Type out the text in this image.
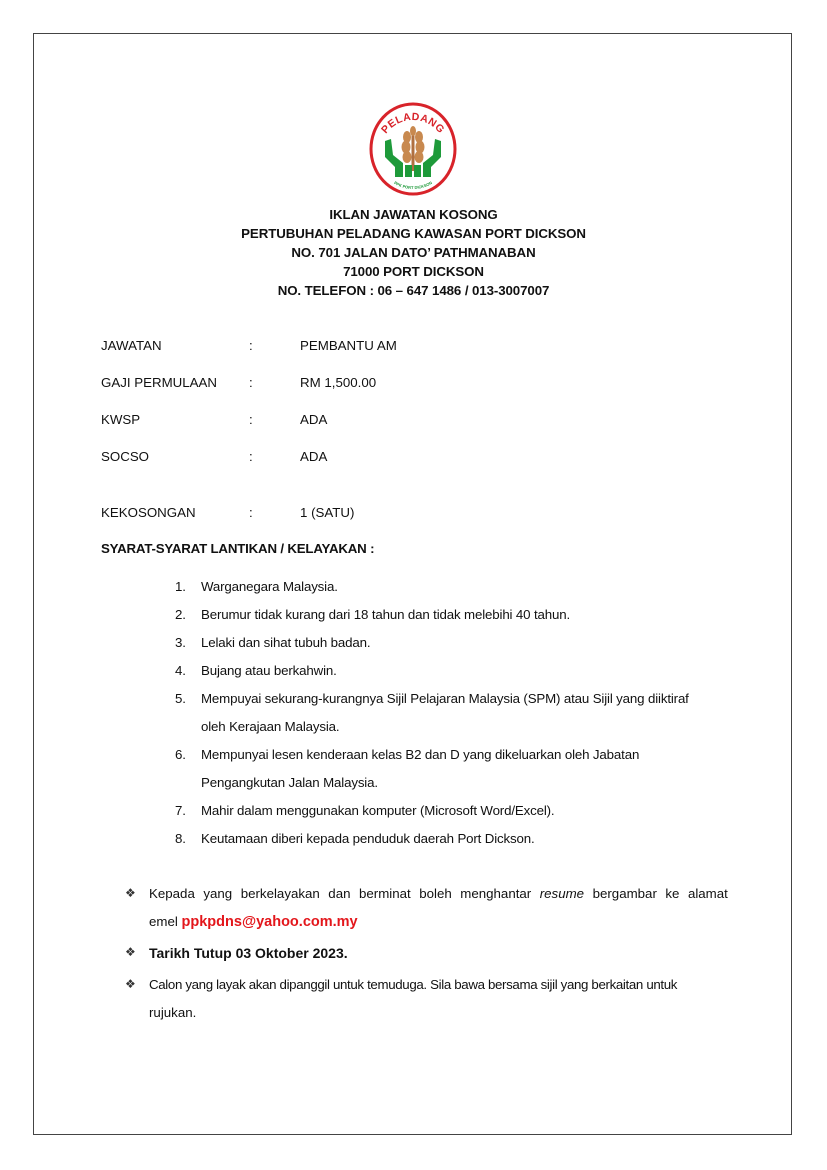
PELADANG
PPK PORT DICKSON
IKLAN JAWATAN KOSONG
PERTUBUHAN PELADANG KAWASAN PORT DICKSON
NO. 701 JALAN DATO’ PATHMANABAN
71000 PORT DICKSON
NO. TELEFON : 06 – 647 1486 / 013-3007007
JAWATAN	:	PEMBANTU AM
GAJI PERMULAAN :	RM 1,500.00
KWSP	:	ADA
SOCSO	:	ADA
KEKOSONGAN	:	1 (SATU)
SYARAT-SYARAT LANTIKAN / KELAYAKAN :
1. Warganegara Malaysia.
2. Berumur tidak kurang dari 18 tahun dan tidak melebihi 40 tahun.
3. Lelaki dan sihat tubuh badan.
4. Bujang atau berkahwin.
5. Mempuyai sekurang-kurangnya Sijil Pelajaran Malaysia (SPM) atau Sijil yang diiktiraf
oleh Kerajaan Malaysia.
6. Mempunyai lesen kenderaan kelas B2 dan D yang dikeluarkan oleh Jabatan
Pengangkutan Jalan Malaysia.
7. Mahir dalam menggunakan komputer (Microsoft Word/Excel).
8. Keutamaan diberi kepada penduduk daerah Port Dickson.
❖ Kepada yang berkelayakan dan berminat boleh menghantar resume bergambar ke alamat
emel ppkpdns@yahoo.com.my
❖ Tarikh Tutup 03 Oktober 2023.
❖ Calon yang layak akan dipanggil untuk temuduga. Sila bawa bersama sijil yang berkaitan untuk
rujukan.
